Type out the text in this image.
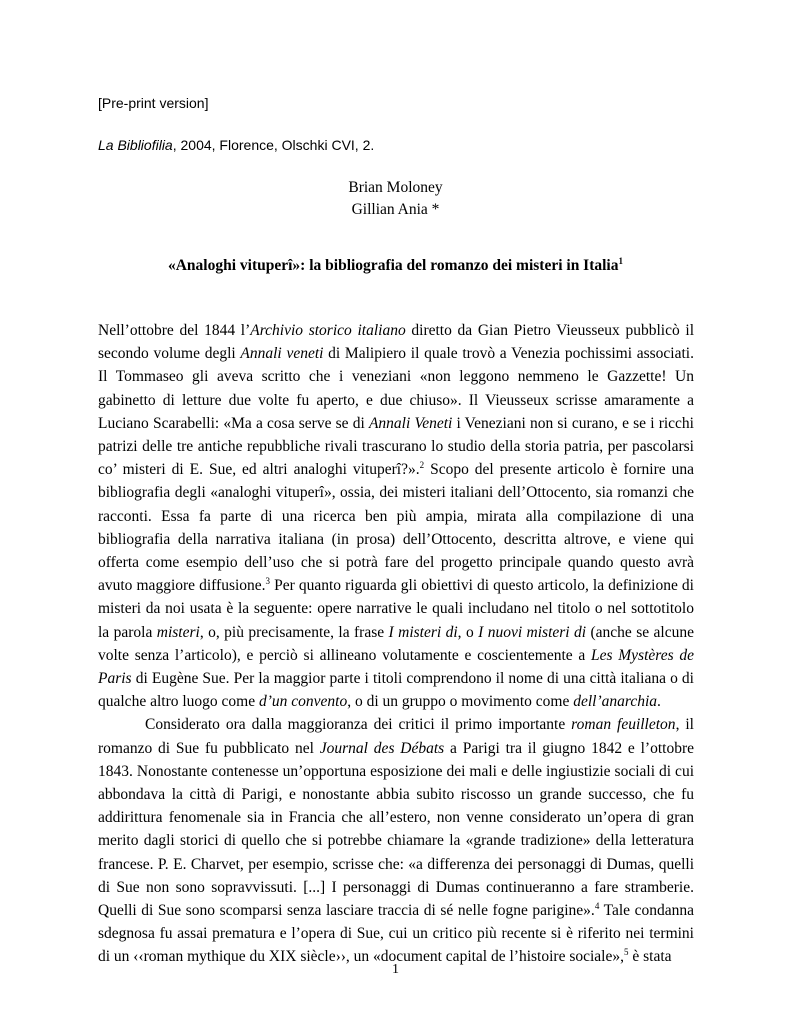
[Pre-print version]
La Bibliofilia, 2004, Florence, Olschki CVI, 2.
Brian Moloney
Gillian Ania *
«Analoghi vituperî»: la bibliografia del romanzo dei misteri in Italia$^1$

Nell’ottobre del 1844 l’Archivio storico italiano diretto da Gian Pietro Vieusseux pubblicò il secondo volume degli Annali veneti di Malipiero il quale trovò a Venezia pochissimi associati. Il Tommaseo gli aveva scritto che i veneziani «non leggono nemmeno le Gazzette! Un gabinetto di letture due volte fu aperto, e due chiuso». Il Vieusseux scrisse amaramente a Luciano Scarabelli: «Ma a cosa serve se di Annali Veneti i Veneziani non si curano, e se i ricchi patrizi delle tre antiche repubbliche rivali trascurano lo studio della storia patria, per pascolarsi co’ misteri di E. Sue, ed altri analoghi vituperî?».$^2$ Scopo del presente articolo è fornire una bibliografia degli «analoghi vituperî», ossia, dei misteri italiani dell’Ottocento, sia romanzi che racconti. Essa fa parte di una ricerca ben più ampia, mirata alla compilazione di una bibliografia della narrativa italiana (in prosa) dell’Ottocento, descritta altrove, e viene qui offerta come esempio dell’uso che si potrà fare del progetto principale quando questo avrà avuto maggiore diffusione.$^3$ Per quanto riguarda gli obiettivi di questo articolo, la definizione di misteri da noi usata è la seguente: opere narrative le quali includano nel titolo o nel sottotitolo la parola misteri, o, più precisamente, la frase I misteri di, o I nuovi misteri di (anche se alcune volte senza l’articolo), e perciò si allineano volutamente e coscientemente a Les Mystères de Paris di Eugène Sue. Per la maggior parte i titoli comprendono il nome di una città italiana o di qualche altro luogo come d’un convento, o di un gruppo o movimento come dell’anarchia.

Considerato ora dalla maggioranza dei critici il primo importante roman feuilleton, il romanzo di Sue fu pubblicato nel Journal des Débats a Parigi tra il giugno 1842 e l’ottobre 1843. Nonostante contenesse un’opportuna esposizione dei mali e delle ingiustizie sociali di cui abbondava la città di Parigi, e nonostante abbia subito riscosso un grande successo, che fu addirittura fenomenale sia in Francia che all’estero, non venne considerato un’opera di gran merito dagli storici di quello che si potrebbe chiamare la «grande tradizione» della letteratura francese. P. E. Charvet, per esempio, scrisse che: «a differenza dei personaggi di Dumas, quelli di Sue non sono sopravvissuti. [...] I personaggi di Dumas continueranno a fare stramberie. Quelli di Sue sono scomparsi senza lasciare traccia di sé nelle fogne parigine».$^4$ Tale condanna sdegnosa fu assai prematura e l’opera di Sue, cui un critico più recente si è riferito nei termini di un ‹‹roman mythique du XIX siècle››, un «document capital de l’histoire sociale»,$^5$ è stata

1
